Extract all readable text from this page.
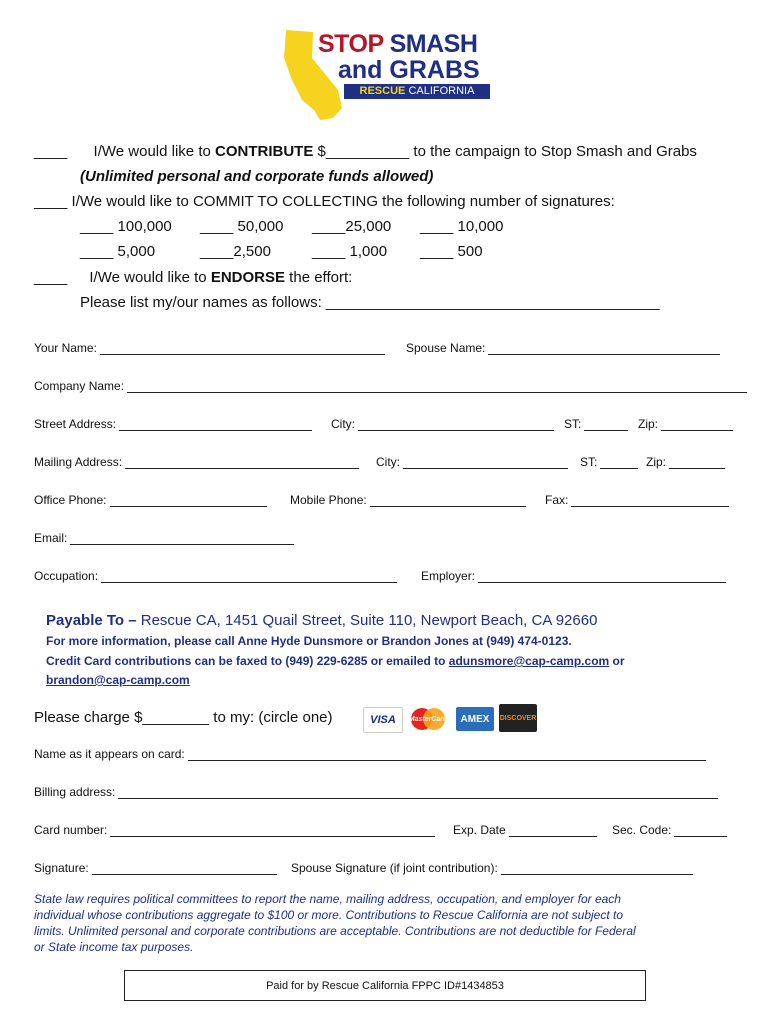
STOP SMASH
and GRABS
RESCUE CALIFORNIA
____ I/We would like to CONTRIBUTE $__________ to the campaign to Stop Smash and Grabs
(Unlimited personal and corporate funds allowed)
____ I/We would like to COMMIT TO COLLECTING the following number of signatures:
____ 100,000 ____ 50,000 ____25,000 ____ 10,000
____ 5,000	____2,500	____ 1,000 ____ 500
____ I/We would like to ENDORSE the effort:
Please list my/our names as follows: ________________________________________
Your Name:	Spouse Name:
Company Name:
Street Address:	City:	ST:	Zip:
Mailing Address:	City:	ST:	Zip:
Office Phone:	Mobile Phone:	Fax:
Email:
Occupation:	Employer:
Payable To – Rescue CA, 1451 Quail Street, Suite 110, Newport Beach, CA 92660
For more information, please call Anne Hyde Dunsmore or Brandon Jones at (949) 474-0123.
Credit Card contributions can be faxed to (949) 229-6285 or emailed to adunsmore@cap-camp.com or
brandon@cap-camp.com
Please charge $________ to my: (circle one)	VISA	MasterCard	AMEX	DISCOVER
Name as it appears on card:
Billing address:
Card number:	Exp. Date	Sec. Code:
Signature:	Spouse Signature (if joint contribution):
State law requires political committees to report the name, mailing address, occupation, and employer for each
individual whose contributions aggregate to $100 or more. Contributions to Rescue California are not subject to
limits. Unlimited personal and corporate contributions are acceptable. Contributions are not deductible for Federal
or State income tax purposes.
Paid for by Rescue California FPPC ID#1434853
